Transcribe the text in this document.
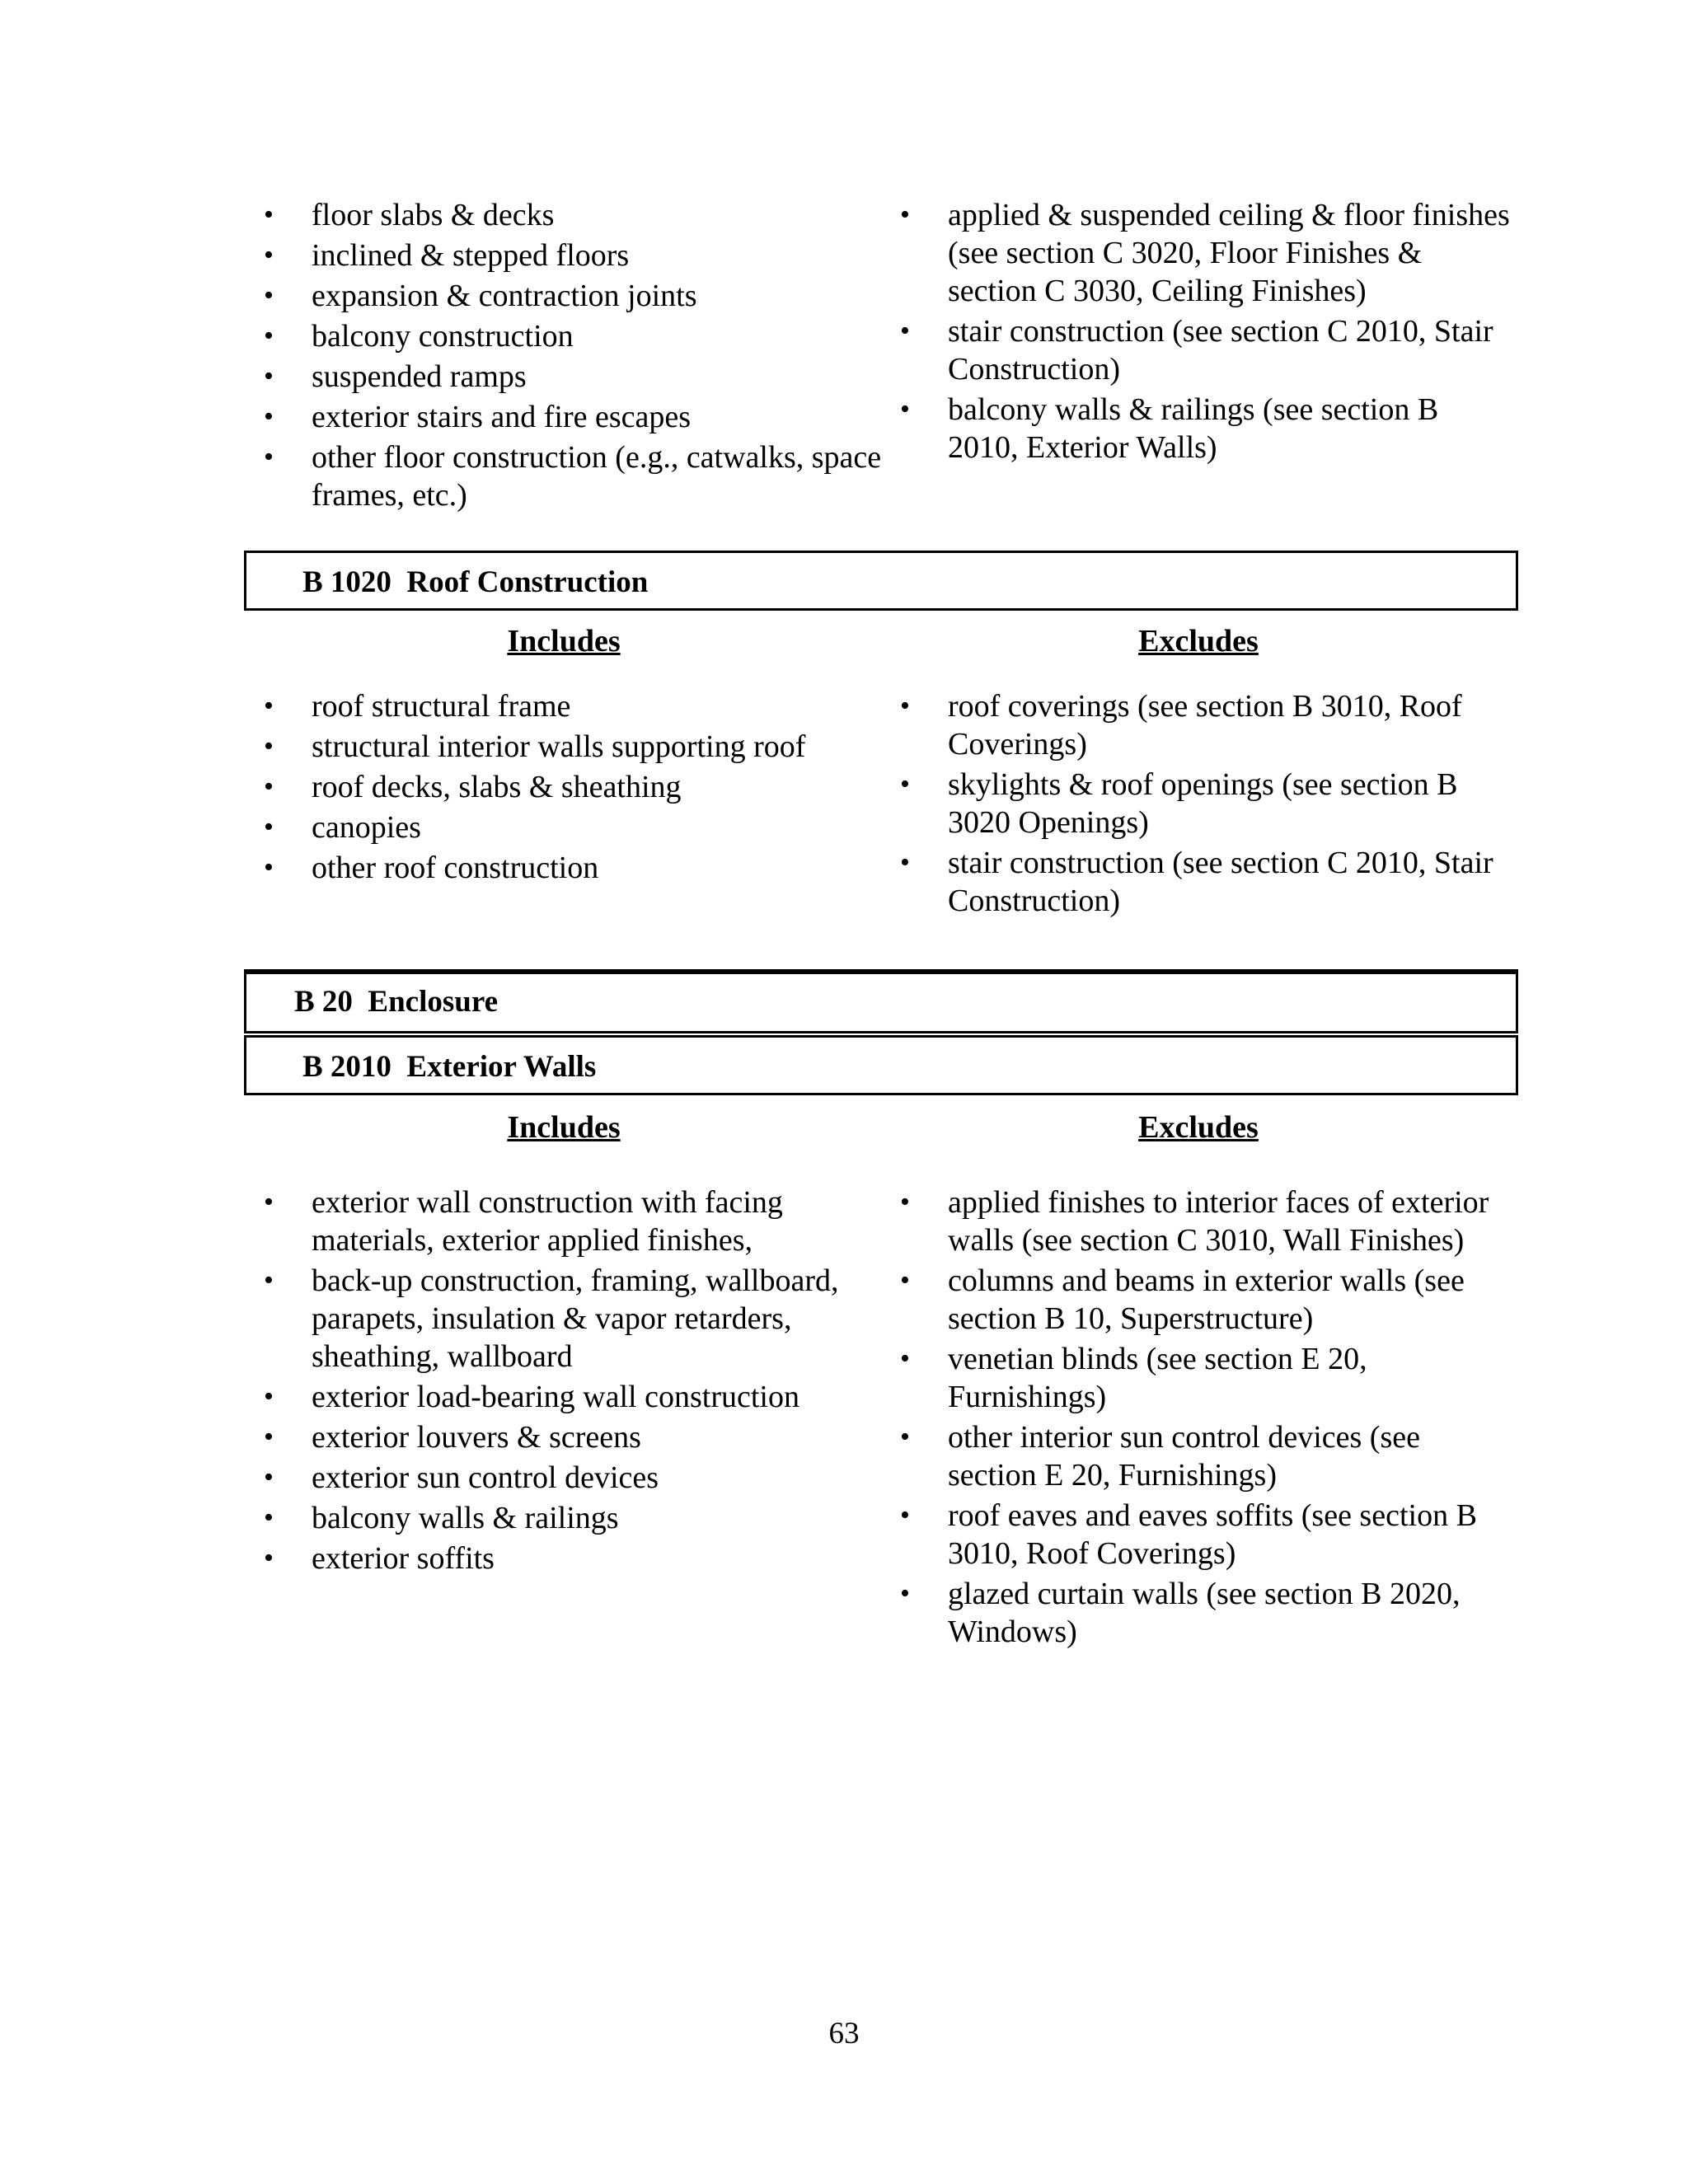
• floor slabs & decks
• inclined & stepped floors
• expansion & contraction joints
• balcony construction
• suspended ramps
• exterior stairs and fire escapes
• other floor construction (e.g., catwalks, space frames, etc.)
• applied & suspended ceiling & floor finishes (see section C 3020, Floor Finishes & section C 3030, Ceiling Finishes)
• stair construction (see section C 2010, Stair Construction)
• balcony walls & railings (see section B 2010, Exterior Walls)
B 1020  Roof Construction
Includes	Excludes
• roof structural frame
• structural interior walls supporting roof
• roof decks, slabs & sheathing
• canopies
• other roof construction
• roof coverings (see section B 3010, Roof Coverings)
• skylights & roof openings (see section B 3020 Openings)
• stair construction (see section C 2010, Stair Construction)
B 20  Enclosure
B 2010  Exterior Walls
Includes	Excludes
• exterior wall construction with facing materials, exterior applied finishes,
• back-up construction, framing, wallboard, parapets, insulation & vapor retarders, sheathing, wallboard
• exterior load-bearing wall construction
• exterior louvers & screens
• exterior sun control devices
• balcony walls & railings
• exterior soffits
• applied finishes to interior faces of exterior walls (see section C 3010, Wall Finishes)
• columns and beams in exterior walls (see section B 10, Superstructure)
• venetian blinds (see section E 20, Furnishings)
• other interior sun control devices (see section E 20, Furnishings)
• roof eaves and eaves soffits (see section B 3010, Roof Coverings)
• glazed curtain walls (see section B 2020, Windows)
63
